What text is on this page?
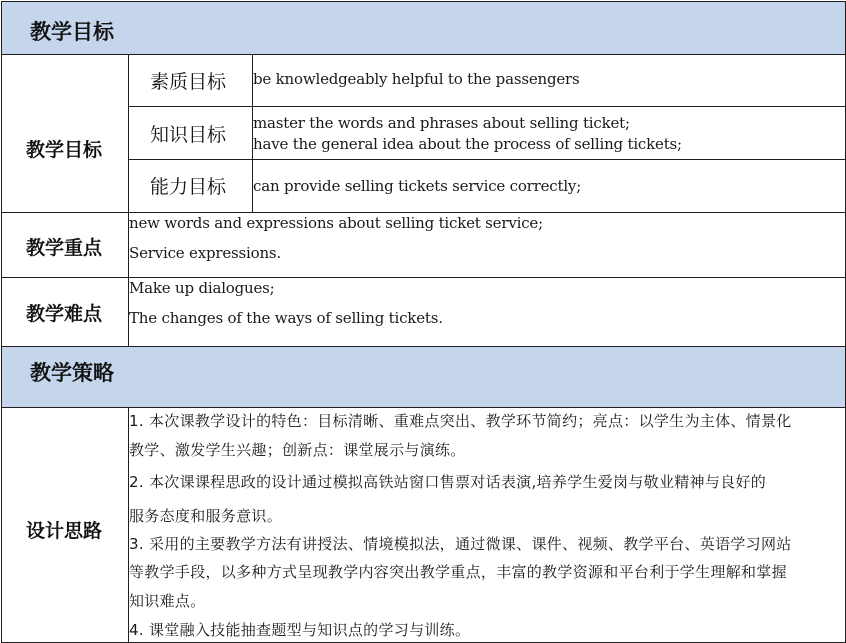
教学目标
教学目标
素质目标 be knowledgeably helpful to the passengers
知识目标
master the words and phrases about selling ticket;
have the general idea about the process of selling tickets;
能力目标 can provide selling tickets service correctly;
教学重点
new words and expressions about selling ticket service;
Service expressions.
教学难点
Make up dialogues;
The changes of the ways of selling tickets.
教学策略
设计思路
1. 本次课教学设计的特色：目标清晰、重难点突出、教学环节简约；亮点：以学生为主体、情景化
教学、激发学生兴趣；创新点：课堂展示与演练。
2. 本次课课程思政的设计通过模拟高铁站窗口售票对话表演,培养学生爱岗与敬业精神与良好的
服务态度和服务意识。
3. 采用的主要教学方法有讲授法、情境模拟法，通过微课、课件、视频、教学平台、英语学习网站
等教学手段，以多种方式呈现教学内容突出教学重点，丰富的教学资源和平台利于学生理解和掌握
知识难点。
4. 课堂融入技能抽查题型与知识点的学习与训练。
